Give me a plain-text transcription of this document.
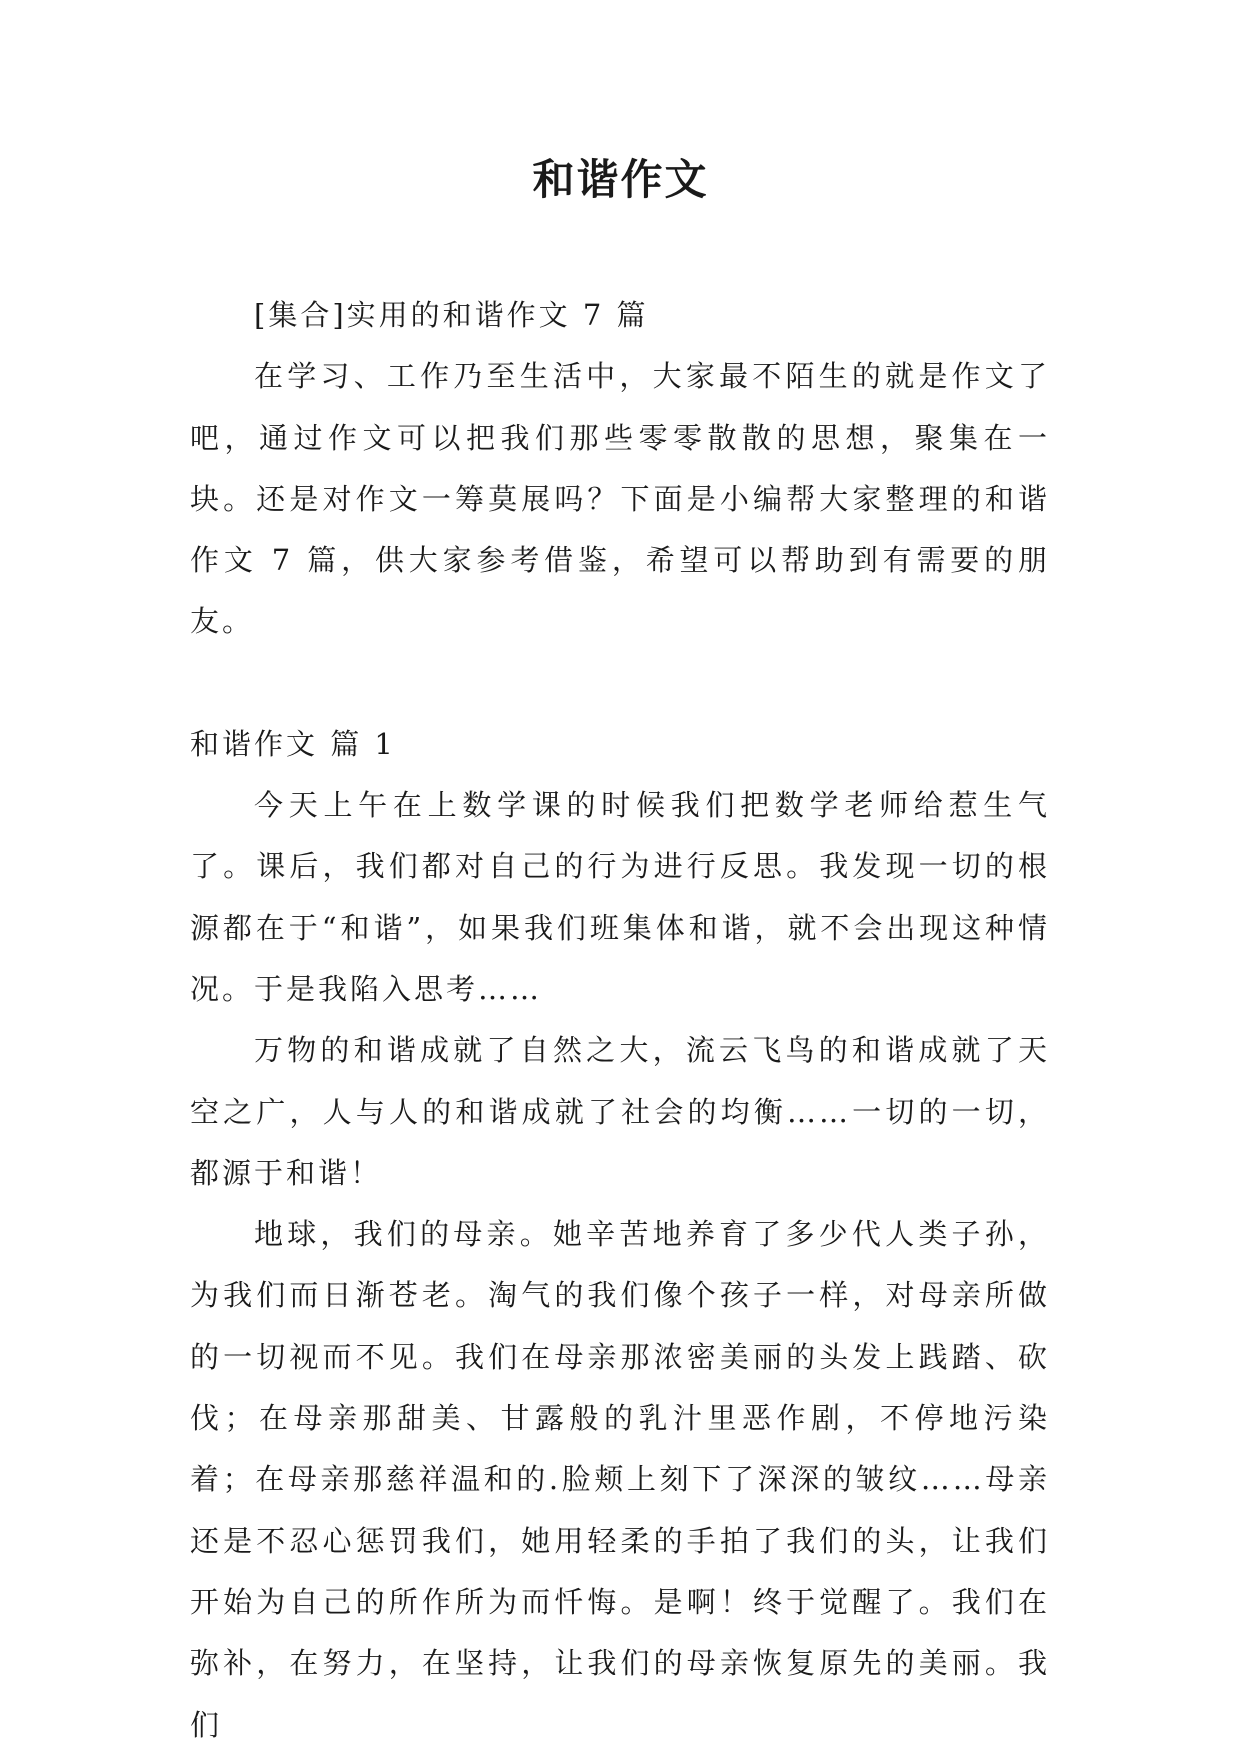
和谐作文

[集合]实用的和谐作文 7 篇

在学习、工作乃至生活中，大家最不陌生的就是作文了吧，通过作文可以把我们那些零零散散的思想，聚集在一块。还是对作文一筹莫展吗？下面是小编帮大家整理的和谐作文 7 篇，供大家参考借鉴，希望可以帮助到有需要的朋友。

和谐作文 篇 1

今天上午在上数学课的时候我们把数学老师给惹生气了。课后，我们都对自己的行为进行反思。我发现一切的根源都在于“和谐”，如果我们班集体和谐，就不会出现这种情况。于是我陷入思考……

万物的和谐成就了自然之大，流云飞鸟的和谐成就了天空之广，人与人的和谐成就了社会的均衡……一切的一切，都源于和谐！

地球，我们的母亲。她辛苦地养育了多少代人类子孙，为我们而日渐苍老。淘气的我们像个孩子一样，对母亲所做的一切视而不见。我们在母亲那浓密美丽的头发上践踏、砍伐；在母亲那甜美、甘露般的乳汁里恶作剧，不停地污染着；在母亲那慈祥温和的.脸颊上刻下了深深的皱纹……母亲还是不忍心惩罚我们，她用轻柔的手拍了我们的头，让我们开始为自己的所作所为而忏悔。是啊！终于觉醒了。我们在弥补，在努力，在坚持，让我们的母亲恢复原先的美丽。我们
